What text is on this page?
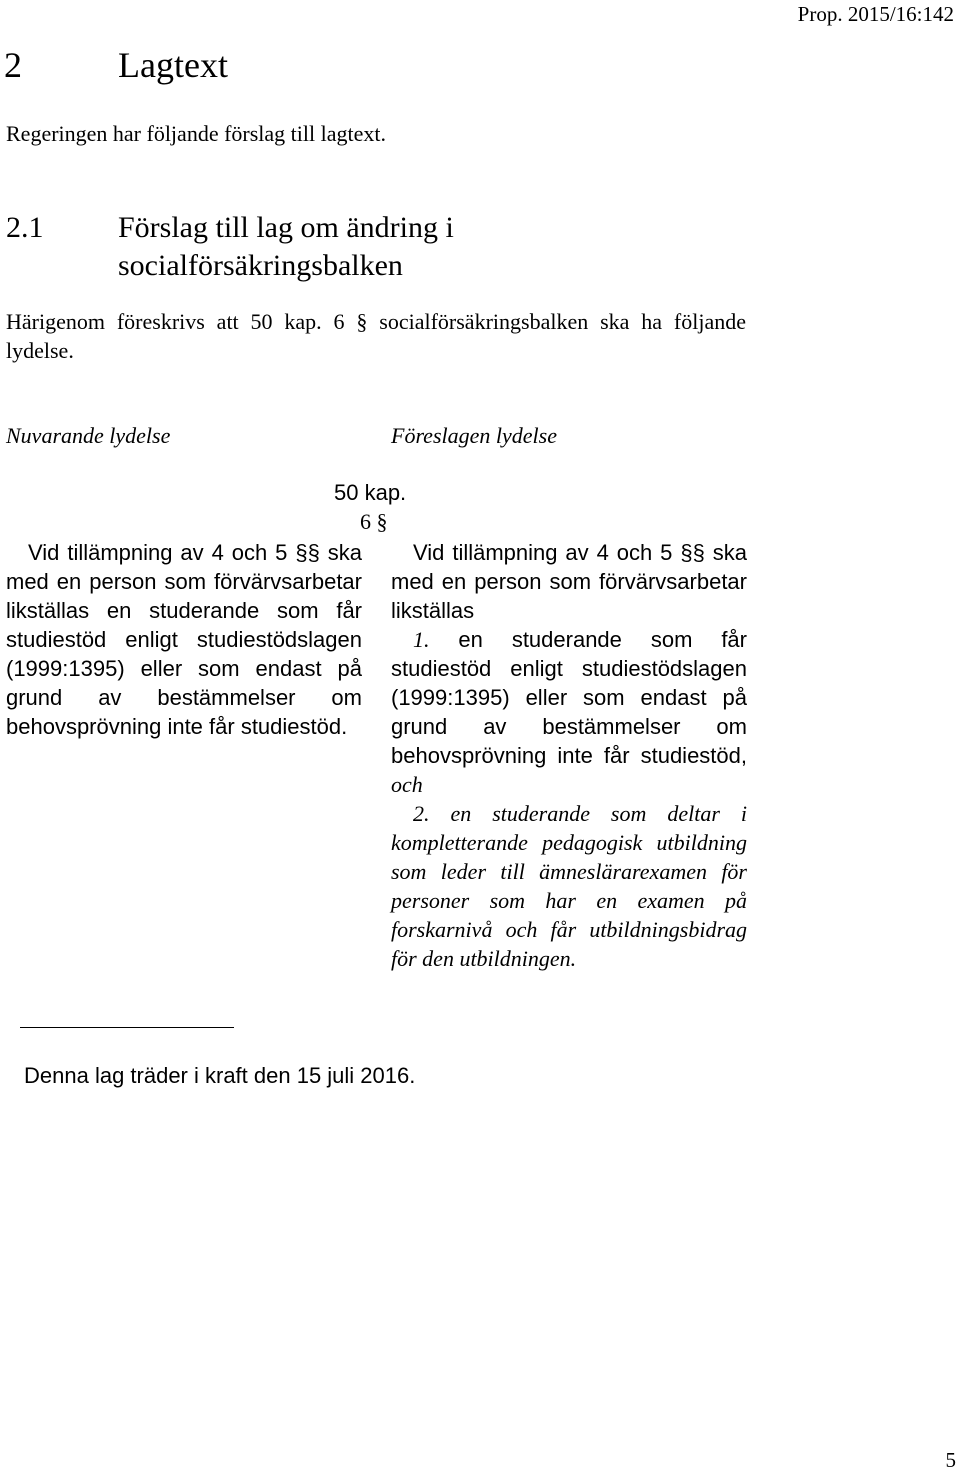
Prop. 2015/16:142
2	Lagtext
Regeringen har följande förslag till lagtext.
2.1 Förslag till lag om ändring i socialförsäkringsbalken
Härigenom föreskrivs att 50 kap. 6 § socialförsäkringsbalken ska ha följande lydelse.
Nuvarande lydelse	Föreslagen lydelse
50 kap.
6 §

Vid tillämpning av 4 och 5 §§ ska med en person som förvärvsarbetar likställas en studerande som får studiestöd enligt studiestödslagen (1999:1395) eller som endast på grund av bestämmelser om behovsprövning inte får studiestöd.

Vid tillämpning av 4 och 5 §§ ska med en person som förvärvsarbetar likställas

1. en studerande som får studiestöd enligt studiestödslagen (1999:1395) eller som endast på grund av bestämmelser om behovsprövning inte får studiestöd, och

2. en studerande som deltar i kompletterande pedagogisk utbildning som leder till ämneslärarexamen för personer som har en examen på forskarnivå och får utbildningsbidrag för den utbildningen.

Denna lag träder i kraft den 15 juli 2016.
5
